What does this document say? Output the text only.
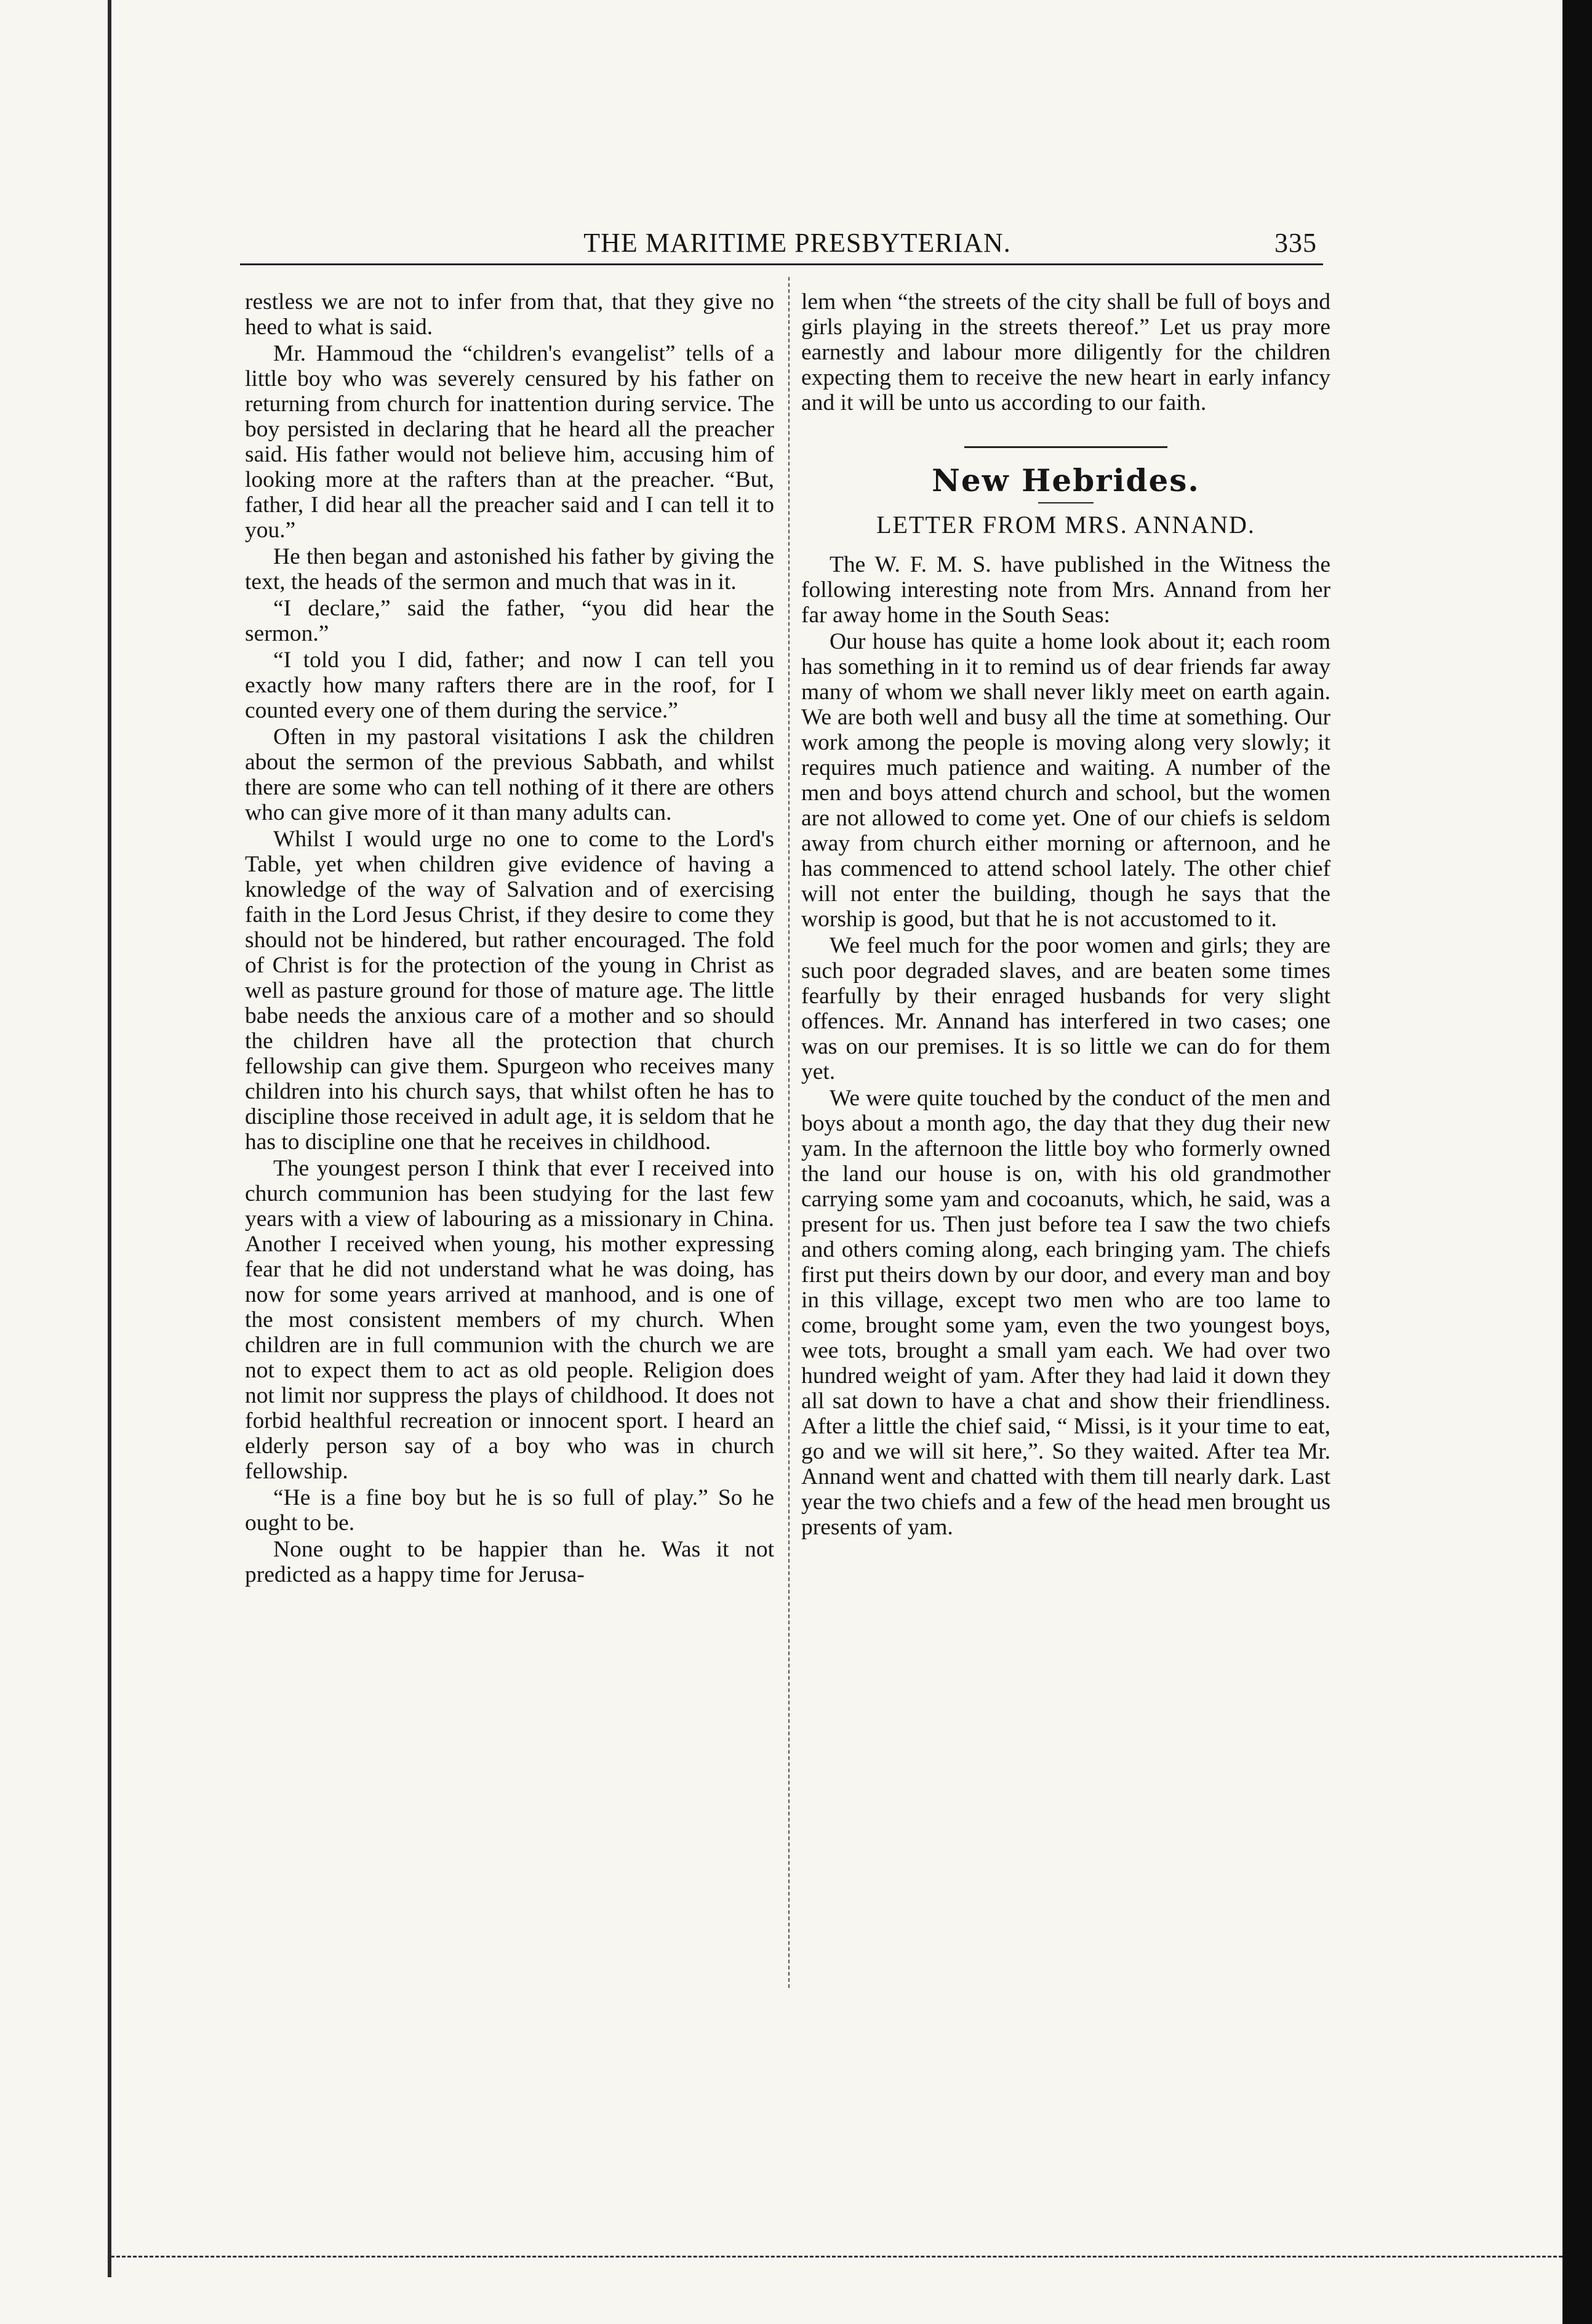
THE MARITIME PRESBYTERIAN.	335

restless we are not to infer from that, that they give no heed to what is said.

Mr. Hammoud the “children's evangelist” tells of a little boy who was severely censured by his father on returning from church for inattention during service. The boy persisted in declaring that he heard all the preacher said. His father would not believe him, accusing him of looking more at the rafters than at the preacher. “But, father, I did hear all the preacher said and I can tell it to you.”

He then began and astonished his father by giving the text, the heads of the sermon and much that was in it.

“I declare,” said the father, “you did hear the sermon.”

“I told you I did, father; and now I can tell you exactly how many rafters there are in the roof, for I counted every one of them during the service.”

Often in my pastoral visitations I ask the children about the sermon of the previous Sabbath, and whilst there are some who can tell nothing of it there are others who can give more of it than many adults can.

Whilst I would urge no one to come to the Lord's Table, yet when children give evidence of having a knowledge of the way of Salvation and of exercising faith in the Lord Jesus Christ, if they desire to come they should not be hindered, but rather encouraged. The fold of Christ is for the protection of the young in Christ as well as pasture ground for those of mature age. The little babe needs the anxious care of a mother and so should the children have all the protection that church fellowship can give them. Spurgeon who receives many children into his church says, that whilst often he has to discipline those received in adult age, it is seldom that he has to discipline one that he receives in childhood.

The youngest person I think that ever I received into church communion has been studying for the last few years with a view of labouring as a missionary in China. Another I received when young, his mother expressing fear that he did not understand what he was doing, has now for some years arrived at manhood, and is one of the most consistent members of my church. When children are in full communion with the church we are not to expect them to act as old people. Religion does not limit nor suppress the plays of childhood. It does not forbid healthful recreation or innocent sport. I heard an elderly person say of a boy who was in church fellowship.

“He is a fine boy but he is so full of play.” So he ought to be.

None ought to be happier than he. Was it not predicted as a happy time for Jerusa-

lem when “the streets of the city shall be full of boys and girls playing in the streets thereof.” Let us pray more earnestly and labour more diligently for the children expecting them to receive the new heart in early infancy and it will be unto us according to our faith.

New Hebrides.
LETTER FROM MRS. ANNAND.

The W. F. M. S. have published in the Witness the following interesting note from Mrs. Annand from her far away home in the South Seas:

Our house has quite a home look about it; each room has something in it to remind us of dear friends far away many of whom we shall never likly meet on earth again. We are both well and busy all the time at something. Our work among the people is moving along very slowly; it requires much patience and waiting. A number of the men and boys attend church and school, but the women are not allowed to come yet. One of our chiefs is seldom away from church either morning or afternoon, and he has commenced to attend school lately. The other chief will not enter the building, though he says that the worship is good, but that he is not accustomed to it.

We feel much for the poor women and girls; they are such poor degraded slaves, and are beaten some times fearfully by their enraged husbands for very slight offences. Mr. Annand has interfered in two cases; one was on our premises. It is so little we can do for them yet.

We were quite touched by the conduct of the men and boys about a month ago, the day that they dug their new yam. In the afternoon the little boy who formerly owned the land our house is on, with his old grandmother carrying some yam and cocoanuts, which, he said, was a present for us. Then just before tea I saw the two chiefs and others coming along, each bringing yam. The chiefs first put theirs down by our door, and every man and boy in this village, except two men who are too lame to come, brought some yam, even the two youngest boys, wee tots, brought a small yam each. We had over two hundred weight of yam. After they had laid it down they all sat down to have a chat and show their friendliness. After a little the chief said, “ Missi, is it your time to eat, go and we will sit here,”. So they waited. After tea Mr. Annand went and chatted with them till nearly dark. Last year the two chiefs and a few of the head men brought us presents of yam.
